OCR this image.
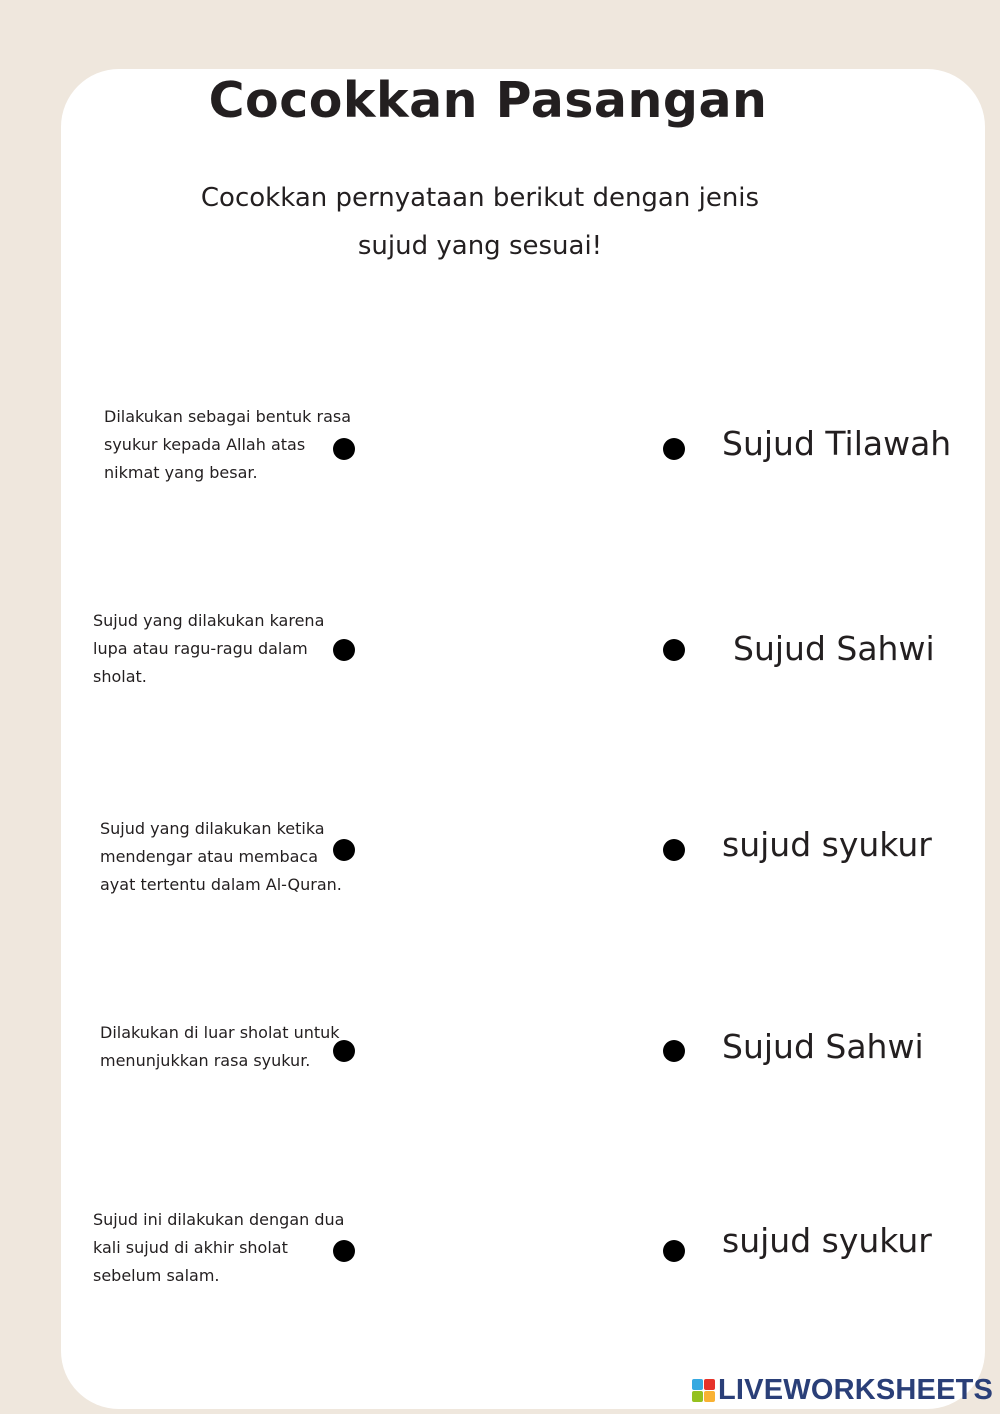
Cocokkan Pasangan
Cocokkan pernyataan berikut dengan jenis
sujud yang sesuai!
Dilakukan sebagai bentuk rasa
syukur kepada Allah atas
nikmat yang besar.
Sujud Tilawah
Sujud yang dilakukan karena
lupa atau ragu-ragu dalam
sholat.
Sujud Sahwi
Sujud yang dilakukan ketika
mendengar atau membaca
ayat tertentu dalam Al-Quran.
sujud syukur
Dilakukan di luar sholat untuk
menunjukkan rasa syukur.	Sujud Sahwi
Sujud ini dilakukan dengan dua
kali sujud di akhir sholat
sebelum salam.
sujud syukur
LIVEWORKSHEETS
